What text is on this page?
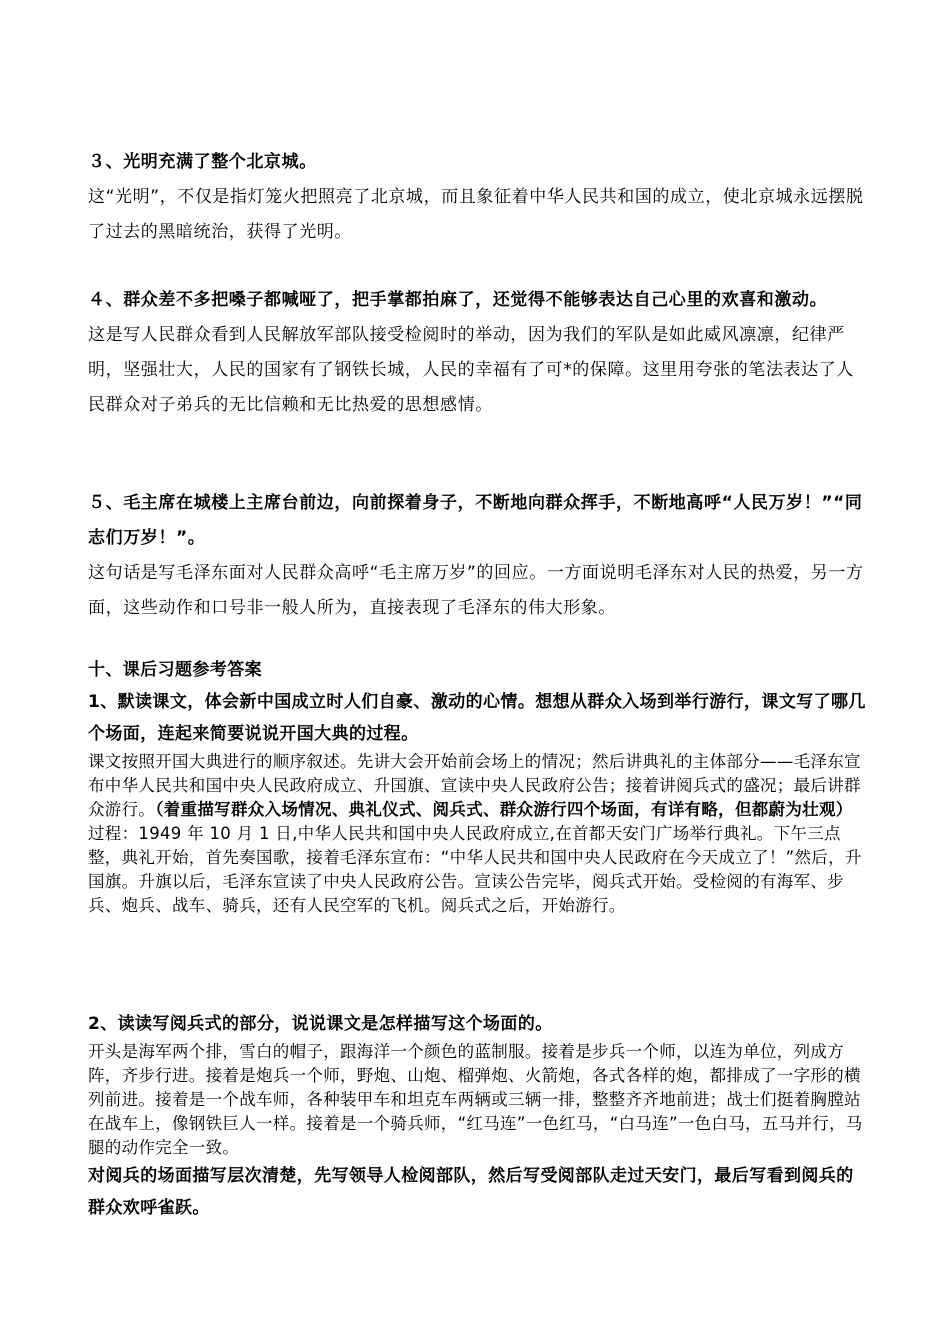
３、光明充满了整个北京城。

这“光明”，不仅是指灯笼火把照亮了北京城，而且象征着中华人民共和国的成立，使北京城永远摆脱了过去的黑暗统治，获得了光明。

４、群众差不多把嗓子都喊哑了，把手掌都拍麻了，还觉得不能够表达自己心里的欢喜和激动。

这是写人民群众看到人民解放军部队接受检阅时的举动，因为我们的军队是如此威风凛凛，纪律严明，坚强壮大，人民的国家有了钢铁长城，人民的幸福有了可*的保障。这里用夸张的笔法表达了人民群众对子弟兵的无比信赖和无比热爱的思想感情。

５、毛主席在城楼上主席台前边，向前探着身子，不断地向群众挥手，不断地高呼“人民万岁！”“同志们万岁！”。

这句话是写毛泽东面对人民群众高呼“毛主席万岁”的回应。一方面说明毛泽东对人民的热爱，另一方面，这些动作和口号非一般人所为，直接表现了毛泽东的伟大形象。

十、课后习题参考答案

1、默读课文，体会新中国成立时人们自豪、激动的心情。想想从群众入场到举行游行，课文写了哪几个场面，连起来简要说说开国大典的过程。

课文按照开国大典进行的顺序叙述。先讲大会开始前会场上的情况；然后讲典礼的主体部分——毛泽东宣布中华人民共和国中央人民政府成立、升国旗、宣读中央人民政府公告；接着讲阅兵式的盛况；最后讲群众游行。（着重描写群众入场情况、典礼仪式、阅兵式、群众游行四个场面，有详有略，但都蔚为壮观）

过程：1949 年 10 月 1 日,中华人民共和国中央人民政府成立,在首都天安门广场举行典礼。下午三点整，典礼开始，首先奏国歌，接着毛泽东宣布：“中华人民共和国中央人民政府在今天成立了！”然后，升国旗。升旗以后，毛泽东宣读了中央人民政府公告。宣读公告完毕，阅兵式开始。受检阅的有海军、步兵、炮兵、战车、骑兵，还有人民空军的飞机。阅兵式之后，开始游行。

2、读读写阅兵式的部分，说说课文是怎样描写这个场面的。

开头是海军两个排，雪白的帽子，跟海洋一个颜色的蓝制服。接着是步兵一个师，以连为单位，列成方阵，齐步行进。接着是炮兵一个师，野炮、山炮、榴弹炮、火箭炮，各式各样的炮，都排成了一字形的横列前进。接着是一个战车师，各种装甲车和坦克车两辆或三辆一排，整整齐齐地前进；战士们挺着胸膛站在战车上，像钢铁巨人一样。接着是一个骑兵师，“红马连”一色红马，“白马连”一色白马，五马并行，马腿的动作完全一致。

对阅兵的场面描写层次清楚，先写领导人检阅部队，然后写受阅部队走过天安门，最后写看到阅兵的群众欢呼雀跃。
